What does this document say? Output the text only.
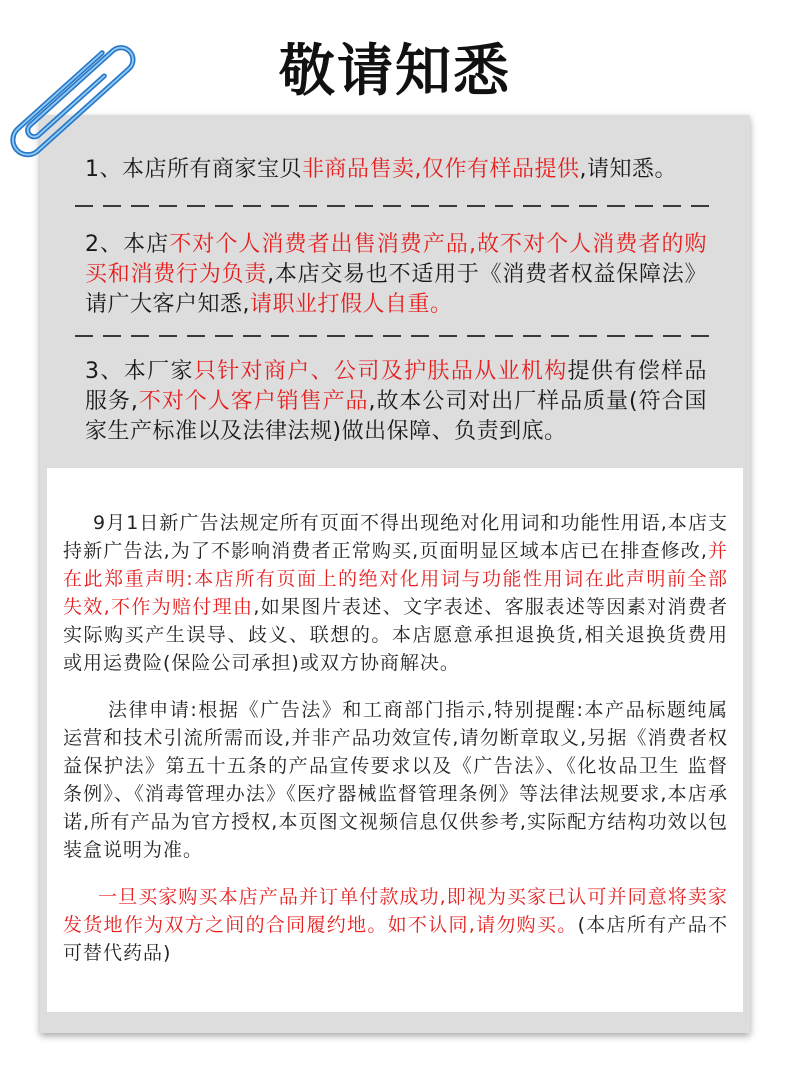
敬请知悉

1、本店所有商家宝贝非商品售卖,仅作有样品提供,请知悉。

2、本店不对个人消费者出售消费产品,故不对个人消费者的购买和消费行为负责,本店交易也不适用于《消费者权益保障法》请广大客户知悉,请职业打假人自重。

3、本厂家只针对商户、公司及护肤品从业机构提供有偿样品服务,不对个人客户销售产品,故本公司对出厂样品质量(符合国家生产标准以及法律法规)做出保障、负责到底。

9月1日新广告法规定所有页面不得出现绝对化用词和功能性用语,本店支持新广告法,为了不影响消费者正常购买,页面明显区域本店已在排查修改,并在此郑重声明:本店所有页面上的绝对化用词与功能性用词在此声明前全部失效,不作为赔付理由,如果图片表述、文字表述、客服表述等因素对消费者实际购买产生误导、歧义、联想的。本店愿意承担退换货,相关退换货费用或用运费险(保险公司承担)或双方协商解决。

法律申请:根据《广告法》和工商部门指示,特别提醒:本产品标题纯属运营和技术引流所需而设,并非产品功效宣传,请勿断章取义,另据《消费者权益保护法》第五十五条的产品宣传要求以及《广告法》、《化妆品卫生 监督条例》、《消毒管理办法》《医疗器械监督管理条例》等法律法规要求,本店承诺,所有产品为官方授权,本页图文视频信息仅供参考,实际配方结构功效以包装盒说明为准。

一旦买家购买本店产品并订单付款成功,即视为买家已认可并同意将卖家发货地作为双方之间的合同履约地。如不认同,请勿购买。(本店所有产品不可替代药品)
